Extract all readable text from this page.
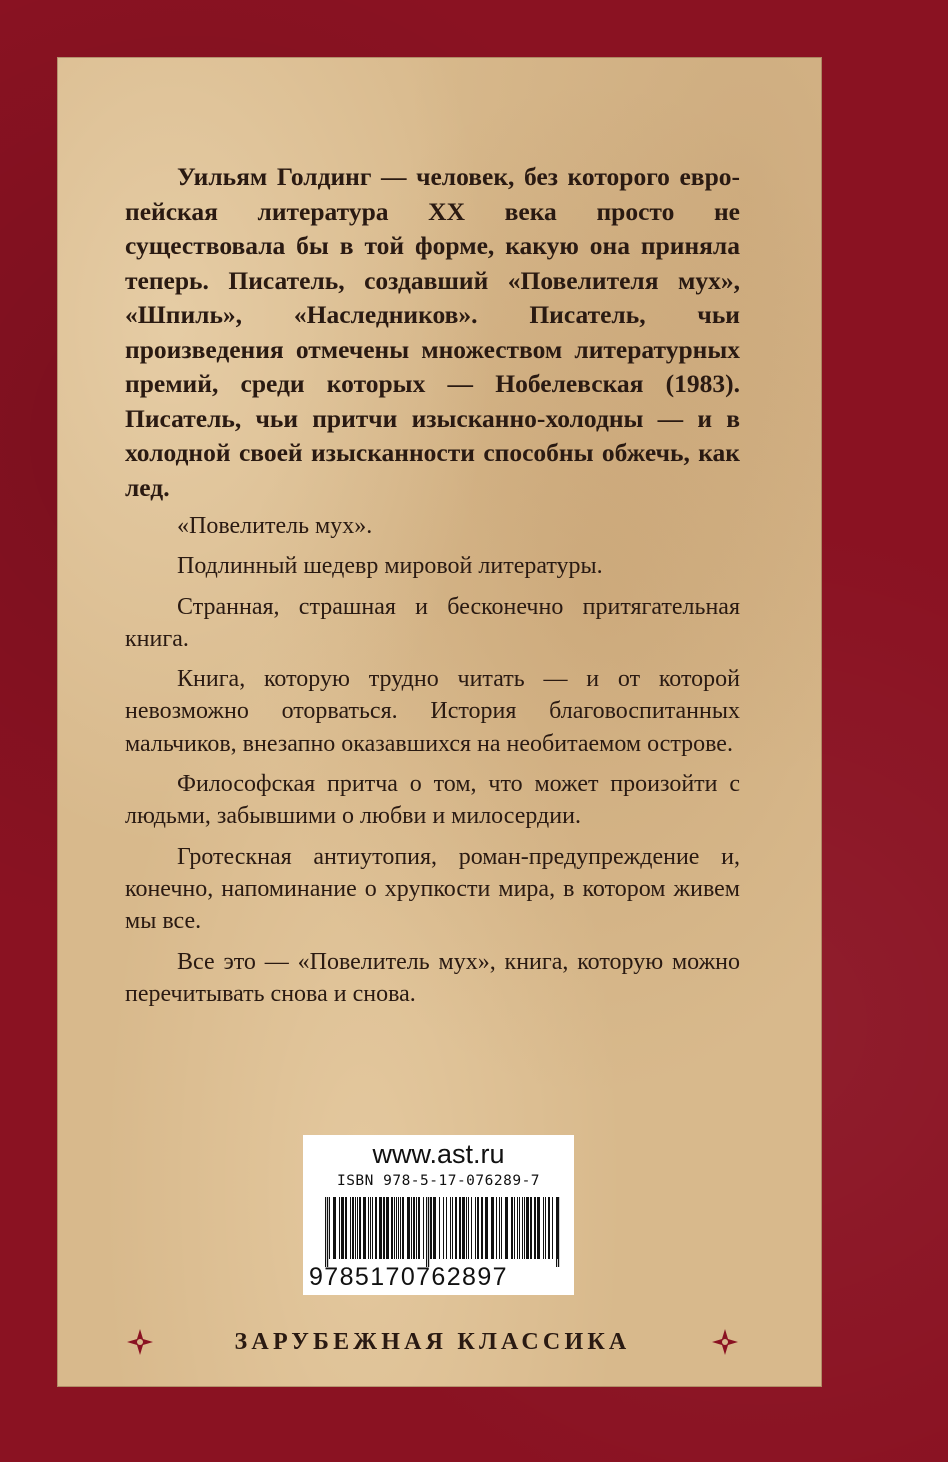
Уильям Голдинг — человек, без которого европейская литература ХХ века просто не существовала бы в той форме, какую она приняла теперь. Писатель, создавший «Повелителя мух», «Шпиль», «Наследников». Писатель, чьи произведения отмечены множеством литературных премий, среди которых — Нобелевская (1983). Писатель, чьи притчи изысканно-холодны — и в холодной своей изысканности способны обжечь, как лед.

«Повелитель мух».

Подлинный шедевр мировой литературы.

Странная, страшная и бесконечно притягательная книга.

Книга, которую трудно читать — и от которой невозможно оторваться. История благовоспитанных мальчиков, внезапно оказавшихся на необитаемом острове.

Философская притча о том, что может произойти с людьми, забывшими о любви и милосердии.

Гротескная антиутопия, роман-предупреждение и, конечно, напоминание о хрупкости мира, в котором живем мы все.

Все это — «Повелитель мух», книга, которую можно перечитывать снова и снова.

www.ast.ru
ISBN 978-5-17-076289-7
9785170762897
ЗАРУБЕЖНАЯ КЛАССИКА
